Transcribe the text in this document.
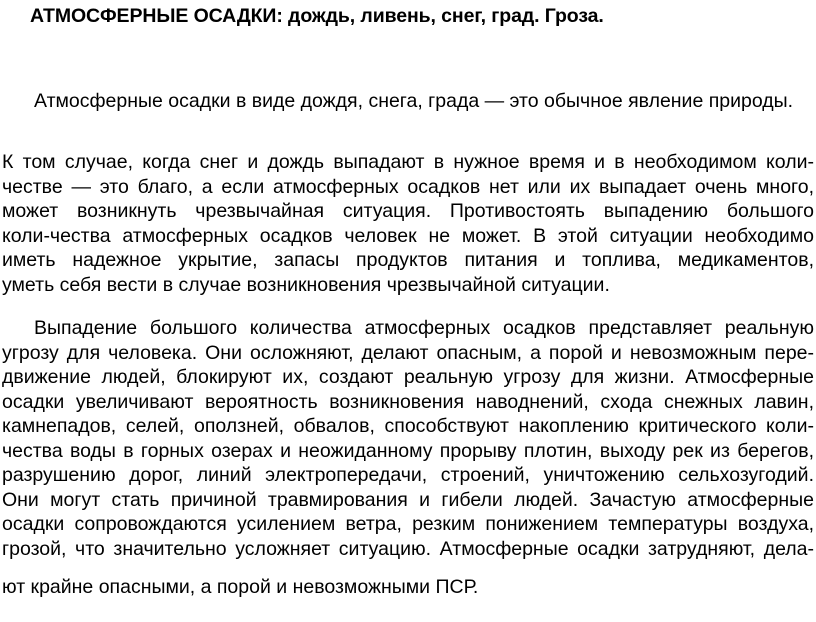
АТМОСФЕРНЫЕ ОСАДКИ: дождь, ливень, снег, град. Гроза.
Атмосферные осадки в виде дождя, снега, града — это обычное явление природы.
К том случае, когда снег и дождь выпадают в нужное время и в необходимом коли-
честве — это благо, а если атмосферных осадков нет или их выпадает очень много,
может возникнуть чрезвычайная ситуация. Противостоять выпадению большого
коли-чества атмосферных осадков человек не может. В этой ситуации необходимо
иметь надежное укрытие, запасы продуктов питания и топлива, медикаментов,
уметь себя вести в случае возникновения чрезвычайной ситуации.
Выпадение большого количества атмосферных осадков представляет реальную
угрозу для человека. Они осложняют, делают опасным, а порой и невозможным пере-
движение людей, блокируют их, создают реальную угрозу для жизни. Атмосферные
осадки увеличивают вероятность возникновения наводнений, схода снежных лавин,
камнепадов, селей, оползней, обвалов, способствуют накоплению критического коли-
чества воды в горных озерах и неожиданному прорыву плотин, выходу рек из берегов,
разрушению дорог, линий электропередачи, строений, уничтожению сельхозугодий.
Они могут стать причиной травмирования и гибели людей. Зачастую атмосферные
осадки сопровождаются усилением ветра, резким понижением температуры воздуха,
грозой, что значительно усложняет ситуацию. Атмосферные осадки затрудняют, дела-
ют крайне опасными, а порой и невозможными ПСР.
